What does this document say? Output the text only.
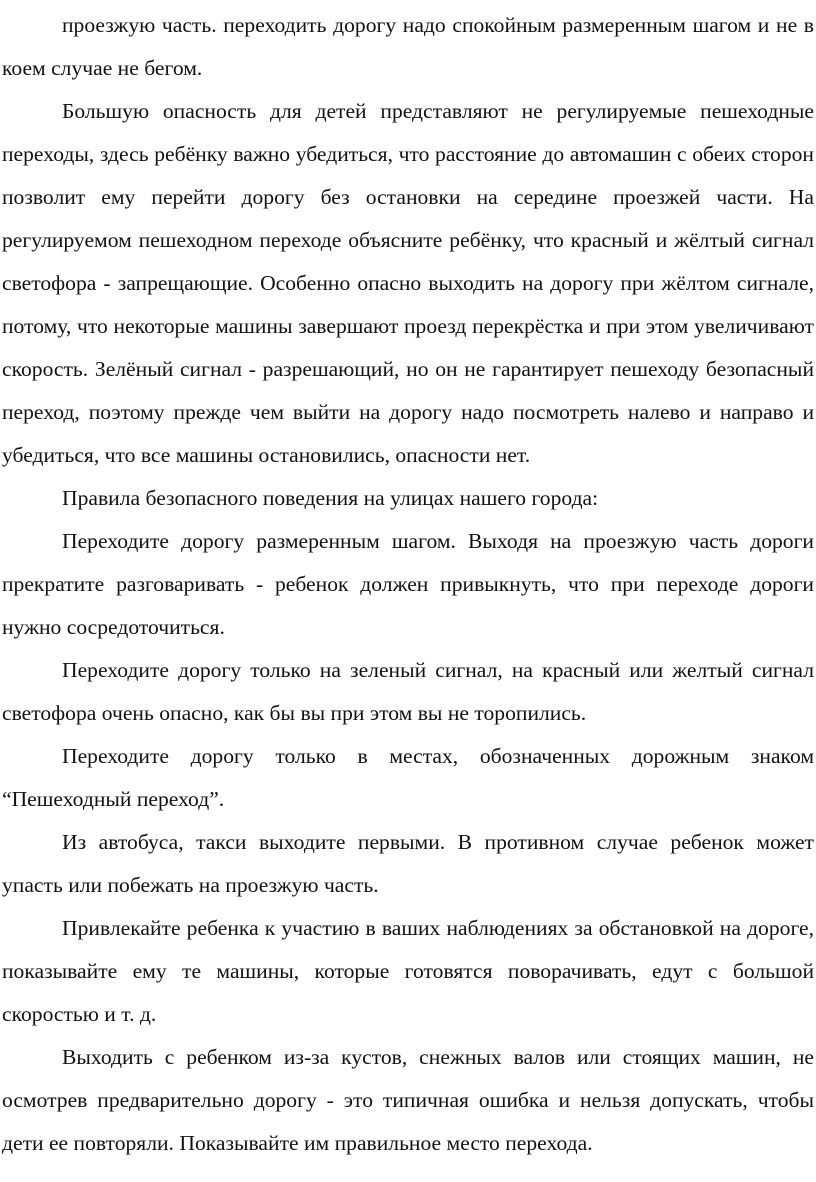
проезжую часть. переходить дорогу надо спокойным размеренным шагом и не в коем случае не бегом.

Большую опасность для детей представляют не регулируемые пешеходные переходы, здесь ребёнку важно убедиться, что расстояние до автомашин с обеих сторон позволит ему перейти дорогу без остановки на середине проезжей части. На регулируемом пешеходном переходе объясните ребёнку, что красный и жёлтый сигнал светофора - запрещающие. Особенно опасно выходить на дорогу при жёлтом сигнале, потому, что некоторые машины завершают проезд перекрёстка и при этом увеличивают скорость. Зелёный сигнал - разрешающий, но он не гарантирует пешеходу безопасный переход, поэтому прежде чем выйти на дорогу надо посмотреть налево и направо и убедиться, что все машины остановились, опасности нет.

Правила безопасного поведения на улицах нашего города:

Переходите дорогу размеренным шагом. Выходя на проезжую часть дороги прекратите разговаривать - ребенок должен привыкнуть, что при переходе дороги нужно сосредоточиться.

Переходите дорогу только на зеленый сигнал, на красный или желтый сигнал светофора очень опасно, как бы вы при этом вы не торопились.

Переходите дорогу только в местах, обозначенных дорожным знаком “Пешеходный переход”.

Из автобуса, такси выходите первыми. В противном случае ребенок может упасть или побежать на проезжую часть.

Привлекайте ребенка к участию в ваших наблюдениях за обстановкой на дороге, показывайте ему те машины, которые готовятся поворачивать, едут с большой скоростью и т. д.

Выходить с ребенком из-за кустов, снежных валов или стоящих машин, не осмотрев предварительно дорогу - это типичная ошибка и нельзя допускать, чтобы дети ее повторяли. Показывайте им правильное место перехода.
